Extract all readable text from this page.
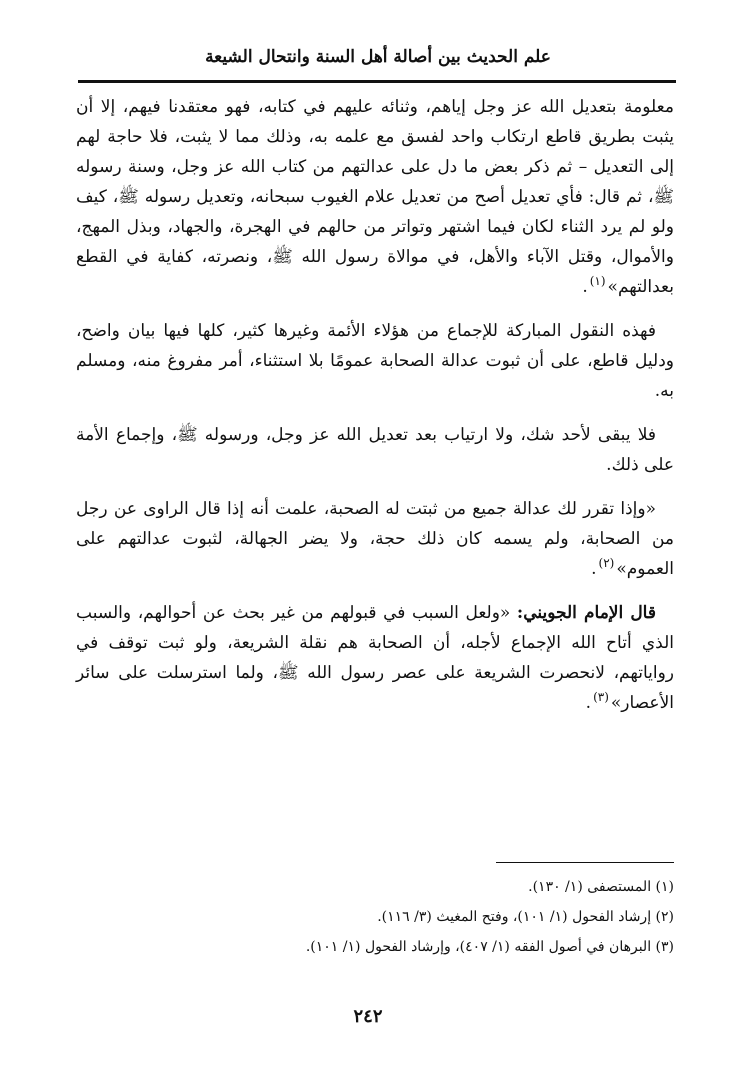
علم الحديث بين أصالة أهل السنة وانتحال الشيعة

معلومة بتعديل الله عز وجل إياهم، وثنائه عليهم في كتابه، فهو معتقدنا فيهم، إلا أن يثبت بطريق قاطع ارتكاب واحد لفسق مع علمه به، وذلك مما لا يثبت، فلا حاجة لهم إلى التعديل – ثم ذكر بعض ما دل على عدالتهم من كتاب الله عز وجل، وسنة رسوله ﷺ، ثم قال: فأي تعديل أصح من تعديل علام الغيوب سبحانه، وتعديل رسوله ﷺ، كيف ولو لم يرد الثناء لكان فيما اشتهر وتواتر من حالهم في الهجرة، والجهاد، وبذل المهج، والأموال، وقتل الآباء والأهل، في موالاة رسول الله ﷺ، ونصرته، كفاية في القطع بعدالتهم»$^{(١)}$.

فهذه النقول المباركة للإجماع من هؤلاء الأئمة وغيرها كثير، كلها فيها بيان واضح، ودليل قاطع، على أن ثبوت عدالة الصحابة عمومًا بلا استثناء، أمر مفروغ منه، ومسلم به.

فلا يبقى لأحد شك، ولا ارتياب بعد تعديل الله عز وجل، ورسوله ﷺ، وإجماع الأمة على ذلك.

«وإذا تقرر لك عدالة جميع من ثبتت له الصحبة، علمت أنه إذا قال الراوى عن رجل من الصحابة، ولم يسمه كان ذلك حجة، ولا يضر الجهالة، لثبوت عدالتهم على العموم»$^{(٢)}$.

قال الإمام الجويني: «ولعل السبب في قبولهم من غير بحث عن أحوالهم، والسبب الذي أتاح الله الإجماع لأجله، أن الصحابة هم نقلة الشريعة، ولو ثبت توقف في رواياتهم، لانحصرت الشريعة على عصر رسول الله ﷺ، ولما استرسلت على سائر الأعصار»$^{(٣)}$.

(١) المستصفى (١/ ١٣٠).

(٢) إرشاد الفحول (١/ ١٠١)، وفتح المغيث (٣/ ١١٦).

(٣) البرهان في أصول الفقه (١/ ٤٠٧)، وإرشاد الفحول (١/ ١٠١).

٢٤٢
